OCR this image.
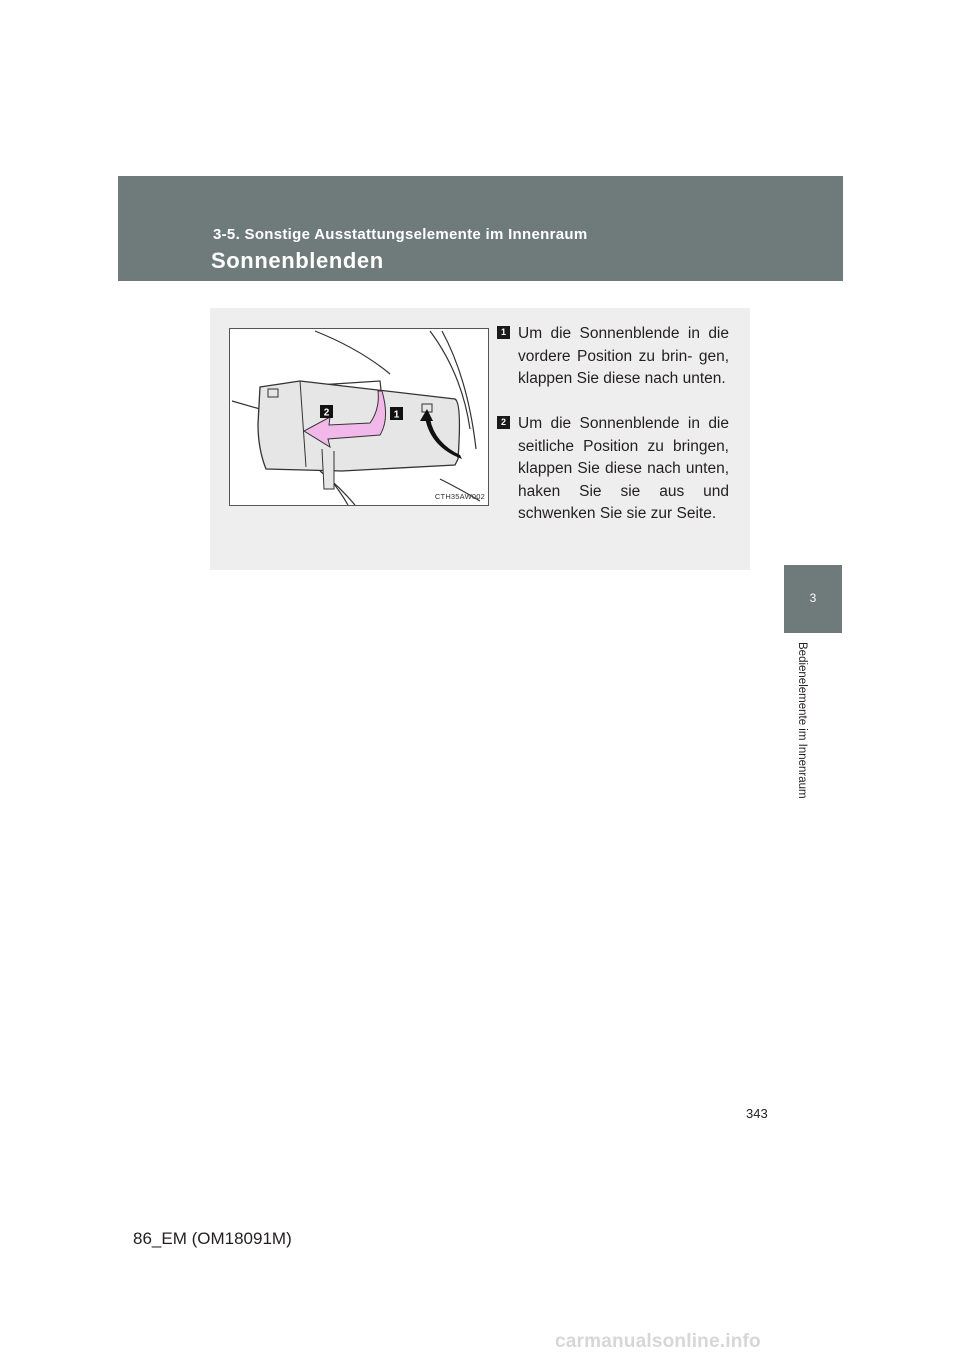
3-5. Sonstige Ausstattungselemente im Innenraum
Sonnenblenden
3
Bedienelemente im Innenraum
1
2
CTH35AW002
1 Um die Sonnenblende in die vordere Position zu brin- gen, klappen Sie diese nach unten.
2 Um die Sonnenblende in die seitliche Position zu bringen, klappen Sie diese nach unten, haken Sie sie aus und schwenken Sie sie zur Seite.
343
86_EM (OM18091M)
carmanualsonline.info
